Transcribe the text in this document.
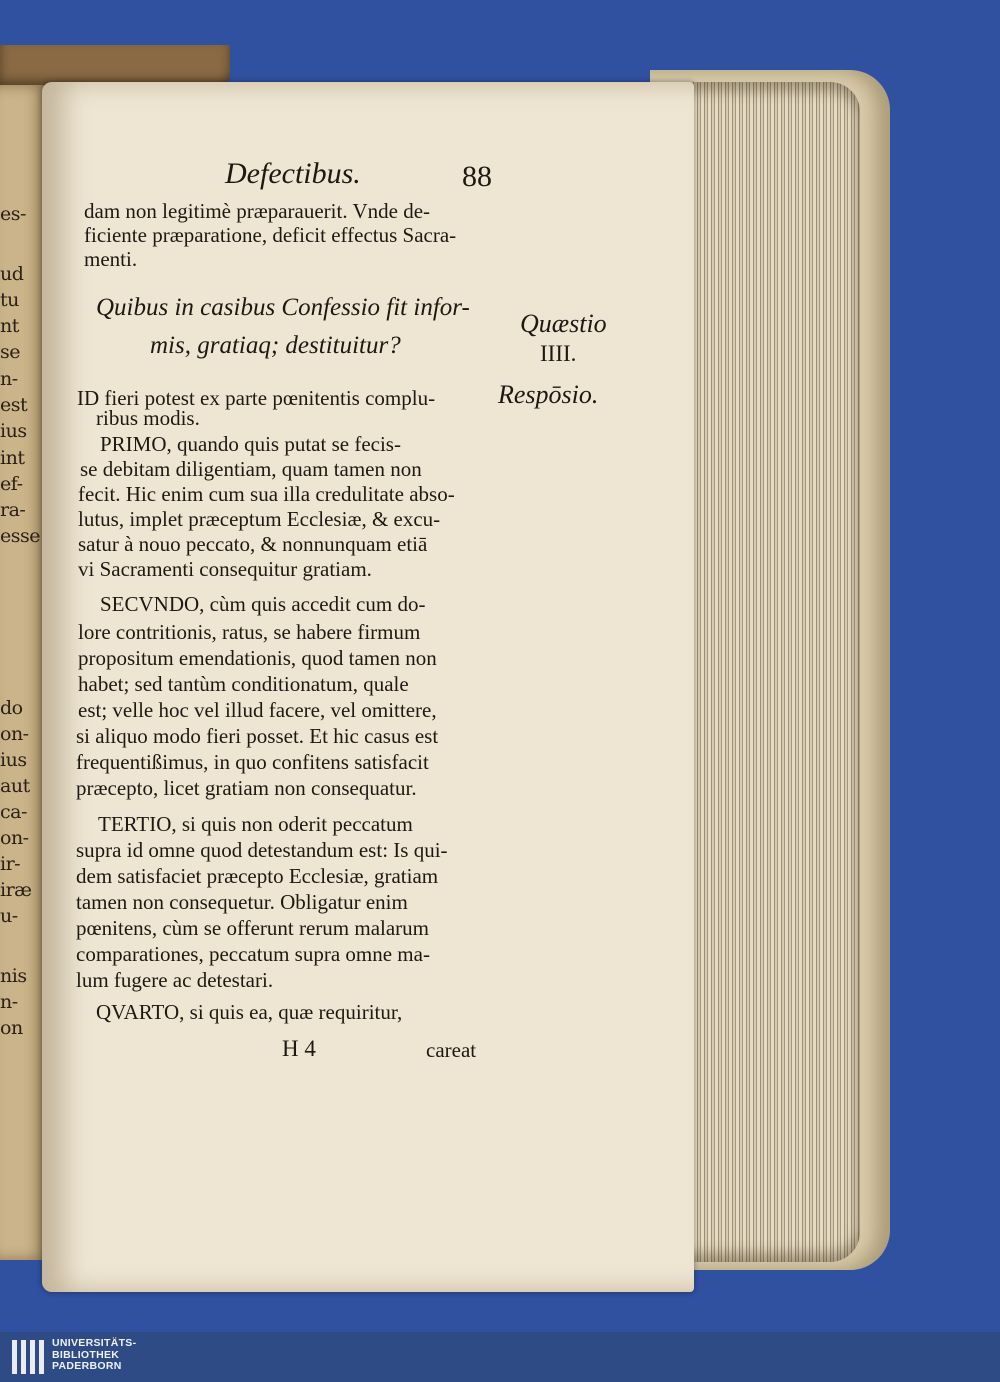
es-
ud
tu
nt
se
n-
est
ius
int
ef-
ra-
esse
do
on-
ius
aut
ca-
on-
ir-
iræ
u-
nis
n-
on
Defectibus.	88
dam non legitimè præparauerit. Vnde de-
ficiente præparatione, deficit effectus Sacra-
menti.
Quibus in casibus Confessio fit infor-
mis, gratiaq; destituitur?
Quæstio
IIII.
Respōsio.
ID fieri potest ex parte pœnitentis complu-
ribus modis.
PRIMO, quando quis putat se fecis-
se debitam diligentiam, quam tamen non
fecit. Hic enim cum sua illa credulitate abso-
lutus, implet præceptum Ecclesiæ, & excu-
satur à nouo peccato, & nonnunquam etiā
vi Sacramenti consequitur gratiam.
SECVNDO, cùm quis accedit cum do-
lore contritionis, ratus, se habere firmum
propositum emendationis, quod tamen non
habet; sed tantùm conditionatum, quale
est; velle hoc vel illud facere, vel omittere,
si aliquo modo fieri posset. Et hic casus est
frequentißimus, in quo confitens satisfacit
præcepto, licet gratiam non consequatur.
TERTIO, si quis non oderit peccatum
supra id omne quod detestandum est: Is qui-
dem satisfaciet præcepto Ecclesiæ, gratiam
tamen non consequetur. Obligatur enim
pœnitens, cùm se offerunt rerum malarum
comparationes, peccatum supra omne ma-
lum fugere ac detestari.
QVARTO, si quis ea, quæ requiritur,
H 4	careat
UNIVERSITÄTS-
BIBLIOTHEK
PADERBORN
